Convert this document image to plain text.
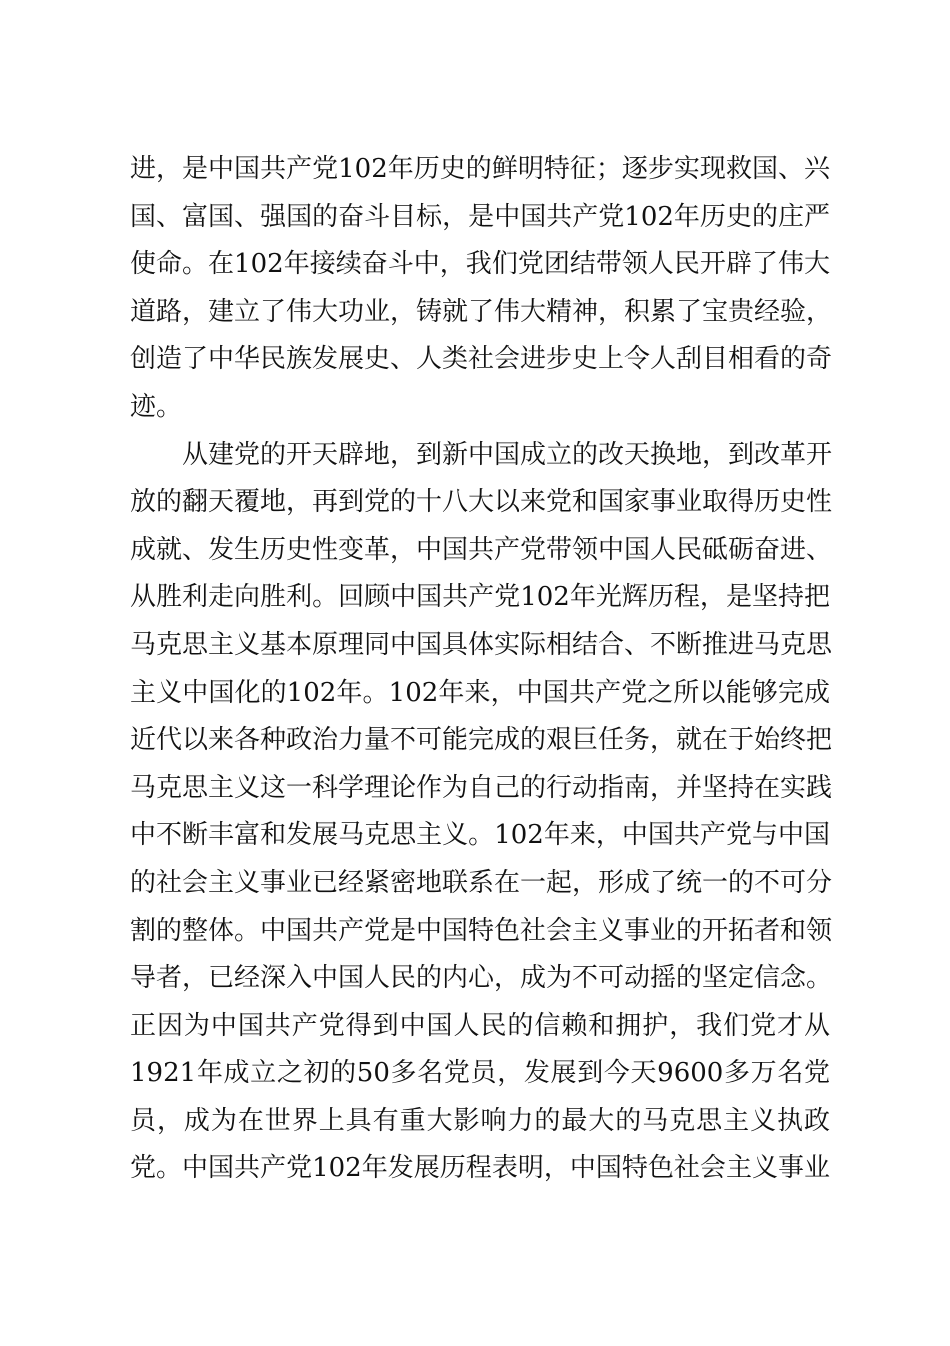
进，是中国共产党102年历史的鲜明特征；逐步实现救国、兴
国、富国、强国的奋斗目标，是中国共产党102年历史的庄严
使命。在102年接续奋斗中，我们党团结带领人民开辟了伟大
道路，建立了伟大功业，铸就了伟大精神，积累了宝贵经验，
创造了中华民族发展史、人类社会进步史上令人刮目相看的奇
迹。
从建党的开天辟地，到新中国成立的改天换地，到改革开
放的翻天覆地，再到党的十八大以来党和国家事业取得历史性
成就、发生历史性变革，中国共产党带领中国人民砥砺奋进、
从胜利走向胜利。回顾中国共产党102年光辉历程，是坚持把
马克思主义基本原理同中国具体实际相结合、不断推进马克思
主义中国化的102年。102年来，中国共产党之所以能够完成
近代以来各种政治力量不可能完成的艰巨任务，就在于始终把
马克思主义这一科学理论作为自己的行动指南，并坚持在实践
中不断丰富和发展马克思主义。102年来，中国共产党与中国
的社会主义事业已经紧密地联系在一起，形成了统一的不可分
割的整体。中国共产党是中国特色社会主义事业的开拓者和领
导者，已经深入中国人民的内心，成为不可动摇的坚定信念。
正因为中国共产党得到中国人民的信赖和拥护，我们党才从
1921年成立之初的50多名党员，发展到今天9600多万名党
员，成为在世界上具有重大影响力的最大的马克思主义执政
党。中国共产党102年发展历程表明，中国特色社会主义事业
